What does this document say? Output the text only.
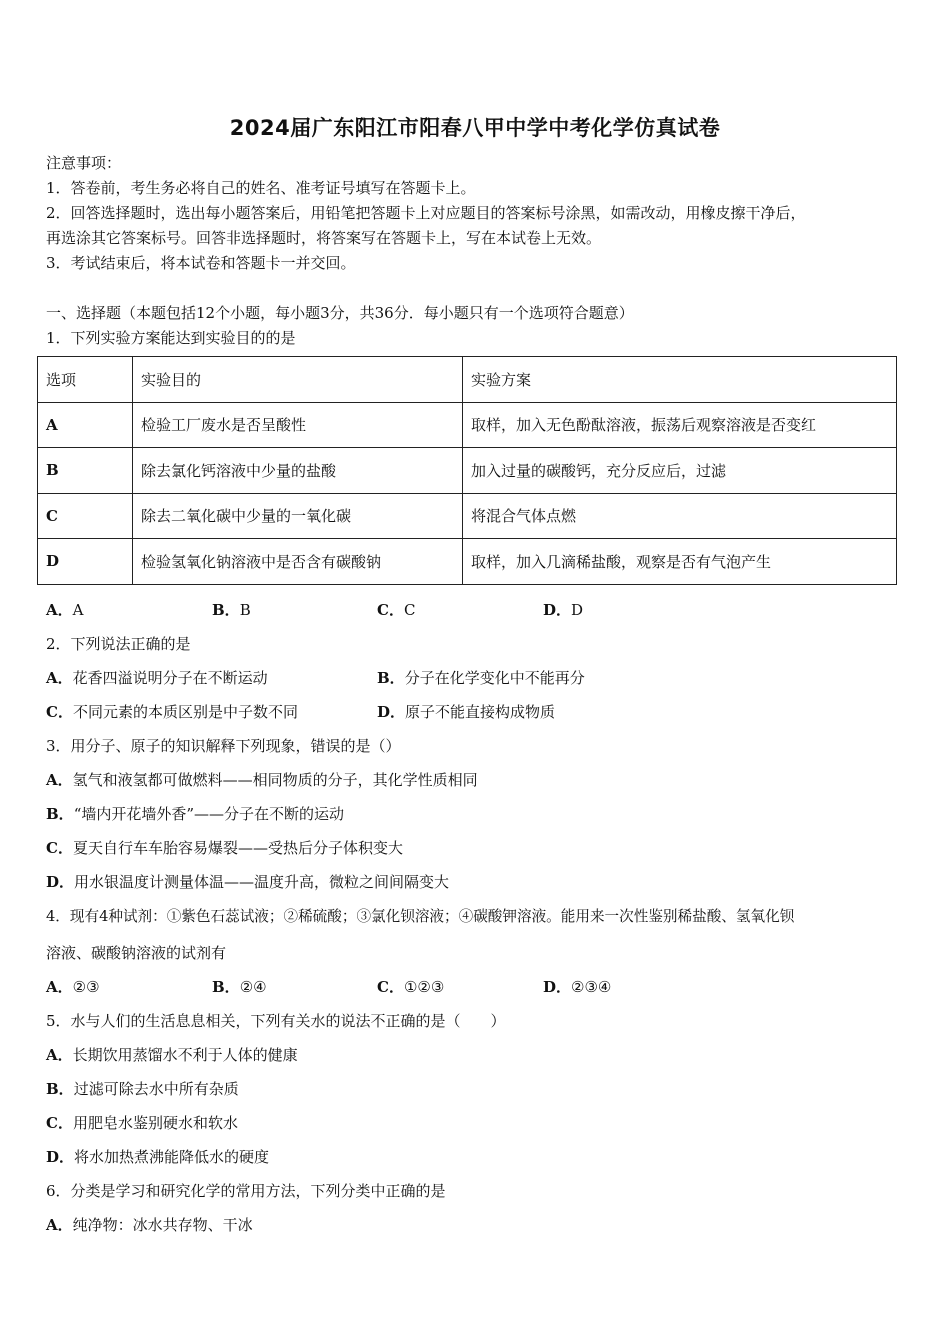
2024届广东阳江市阳春八甲中学中考化学仿真试卷
注意事项：
1．答卷前，考生务必将自己的姓名、准考证号填写在答题卡上。
2．回答选择题时，选出每小题答案后，用铅笔把答题卡上对应题目的答案标号涂黑，如需改动，用橡皮擦干净后，
再选涂其它答案标号。回答非选择题时，将答案写在答题卡上，写在本试卷上无效。
3．考试结束后，将本试卷和答题卡一并交回。
一、选择题（本题包括12个小题，每小题3分，共36分．每小题只有一个选项符合题意）
1．下列实验方案能达到实验目的的是
选项	实验目的	实验方案
A	检验工厂废水是否呈酸性	取样，加入无色酚酞溶液，振荡后观察溶液是否变红
B	除去氯化钙溶液中少量的盐酸	加入过量的碳酸钙，充分反应后，过滤
C	除去二氧化碳中少量的一氧化碳	将混合气体点燃
D	检验氢氧化钠溶液中是否含有碳酸钠	取样，加入几滴稀盐酸，观察是否有气泡产生
A．A	B．B	C．C	D．D
2．下列说法正确的是
A．花香四溢说明分子在不断运动	B．分子在化学变化中不能再分
C．不同元素的本质区别是中子数不同	D．原子不能直接构成物质
3．用分子、原子的知识解释下列现象，错误的是（）
A．氢气和液氢都可做燃料——相同物质的分子，其化学性质相同
B．“墙内开花墙外香”——分子在不断的运动
C．夏天自行车车胎容易爆裂——受热后分子体积变大
D．用水银温度计测量体温——温度升高，微粒之间间隔变大
4．现有4种试剂：①紫色石蕊试液；②稀硫酸；③氯化钡溶液；④碳酸钾溶液。能用来一次性鉴别稀盐酸、氢氧化钡
溶液、碳酸钠溶液的试剂有
A．②③	B．②④	C．①②③	D．②③④
5．水与人们的生活息息相关，下列有关水的说法不正确的是（　　）
A．长期饮用蒸馏水不利于人体的健康
B．过滤可除去水中所有杂质
C．用肥皂水鉴别硬水和软水
D．将水加热煮沸能降低水的硬度
6．分类是学习和研究化学的常用方法，下列分类中正确的是
A．纯净物：冰水共存物、干冰
